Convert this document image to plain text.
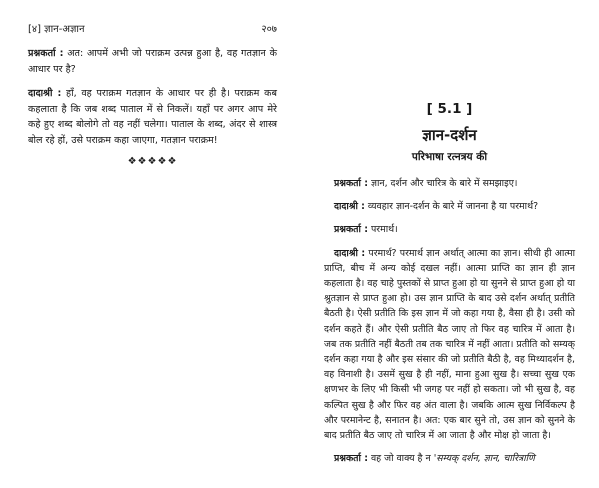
[४] ज्ञान-अज्ञान	२०७

प्रश्नकर्ता : अत: आपमें अभी जो पराक्रम उत्पन्न हुआ है, वह गतज्ञान के आधार पर है?

दादाश्री : हाँ, वह पराक्रम गतज्ञान के आधार पर ही है। पराक्रम कब कहलाता है कि जब शब्द पाताल में से निकलें। यहाँ पर अगर आप मेरे कहे हुए शब्द बोलोगे तो वह नहीं चलेगा। पाताल के शब्द, अंदर से शास्त्र बोल रहे हों, उसे पराक्रम कहा जाएगा, गतज्ञान पराक्रम!

❖❖❖❖❖
[ 5.1 ]
ज्ञान-दर्शन
परिभाषा रत्नत्रय की

प्रश्नकर्ता : ज्ञान, दर्शन और चारित्र के बारे में समझाइए।

दादाश्री : व्यवहार ज्ञान-दर्शन के बारे में जानना है या परमार्थ?

प्रश्नकर्ता : परमार्थ।

दादाश्री : परमार्थ? परमार्थ ज्ञान अर्थात् आत्मा का ज्ञान। सीधी ही आत्मा प्राप्ति, बीच में अन्य कोई दखल नहीं। आत्मा प्राप्ति का ज्ञान ही ज्ञान कहलाता है। वह चाहे पुस्तकों से प्राप्त हुआ हो या सुनने से प्राप्त हुआ हो या श्रुतज्ञान से प्राप्त हुआ हो। उस ज्ञान प्राप्ति के बाद उसे दर्शन अर्थात् प्रतीति बैठती है। ऐसी प्रतीति कि इस ज्ञान में जो कहा गया है, वैसा ही है। उसी को दर्शन कहते हैं। और ऐसी प्रतीति बैठ जाए तो फिर वह चारित्र में आता है। जब तक प्रतीति नहीं बैठती तब तक चारित्र में नहीं आता। प्रतीति को सम्यक् दर्शन कहा गया है और इस संसार की जो प्रतीति बैठी है, वह मिथ्यादर्शन है, वह विनाशी है। उसमें सुख है ही नहीं, माना हुआ सुख है। सच्चा सुख एक क्षणभर के लिए भी किसी भी जगह पर नहीं हो सकता। जो भी सुख है, वह कल्पित सुख है और फिर वह अंत वाला है। जबकि आत्म सुख निर्विकल्प है और परमानेन्ट है, सनातन है। अत: एक बार सुने तो, उस ज्ञान को सुनने के बाद प्रतीति बैठ जाए तो चारित्र में आ जाता है और मोक्ष हो जाता है।

प्रश्नकर्ता : वह जो वाक्य है न 'सम्यक् दर्शन, ज्ञान, चारित्राणि
